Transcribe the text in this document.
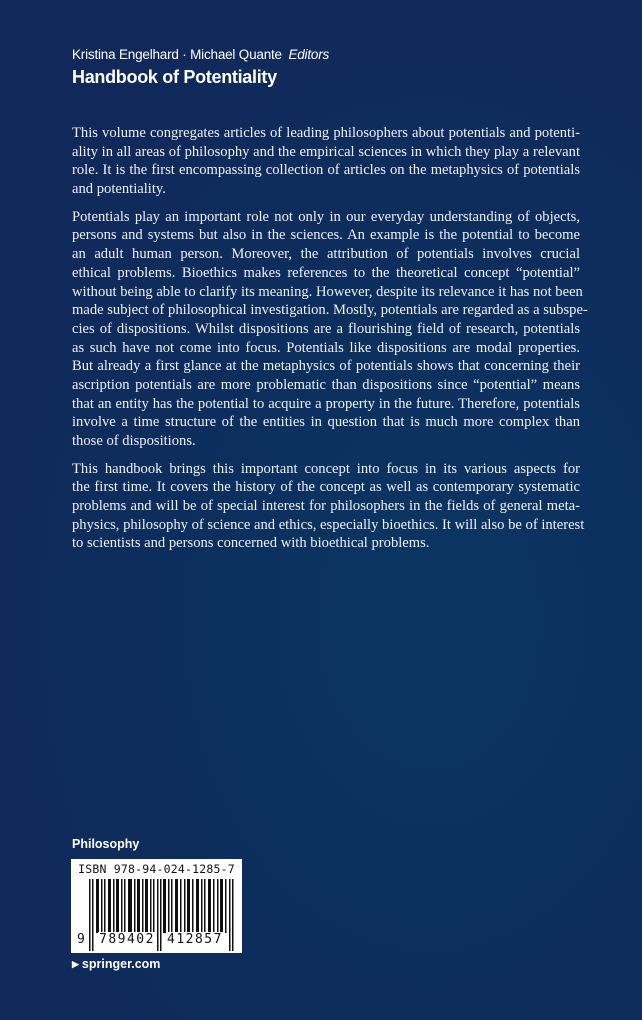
Kristina Engelhard · Michael Quante Editors
Handbook of Potentiality

This volume congregates articles of leading philosophers about potentials and potenti-
ality in all areas of philosophy and the empirical sciences in which they play a relevant
role. It is the first encompassing collection of articles on the metaphysics of potentials
and potentiality.

Potentials play an important role not only in our everyday understanding of objects,
persons and systems but also in the sciences. An example is the potential to become
an adult human person. Moreover, the attribution of potentials involves crucial
ethical problems. Bioethics makes references to the theoretical concept “potential”
without being able to clarify its meaning. However, despite its relevance it has not been
made subject of philosophical investigation. Mostly, potentials are regarded as a subspe-
cies of dispositions. Whilst dispositions are a flourishing field of research, potentials
as such have not come into focus. Potentials like dispositions are modal properties.
But already a first glance at the metaphysics of potentials shows that concerning their
ascription potentials are more problematic than dispositions since “potential” means
that an entity has the potential to acquire a property in the future. Therefore, potentials
involve a time structure of the entities in question that is much more complex than
those of dispositions.

This handbook brings this important concept into focus in its various aspects for
the first time. It covers the history of the concept as well as contemporary systematic
problems and will be of special interest for philosophers in the fields of general meta-
physics, philosophy of science and ethics, especially bioethics. It will also be of interest
to scientists and persons concerned with bioethical problems.

Philosophy
ISBN 978-94-024-1285-7
9 789402 412857
▶ springer.com
